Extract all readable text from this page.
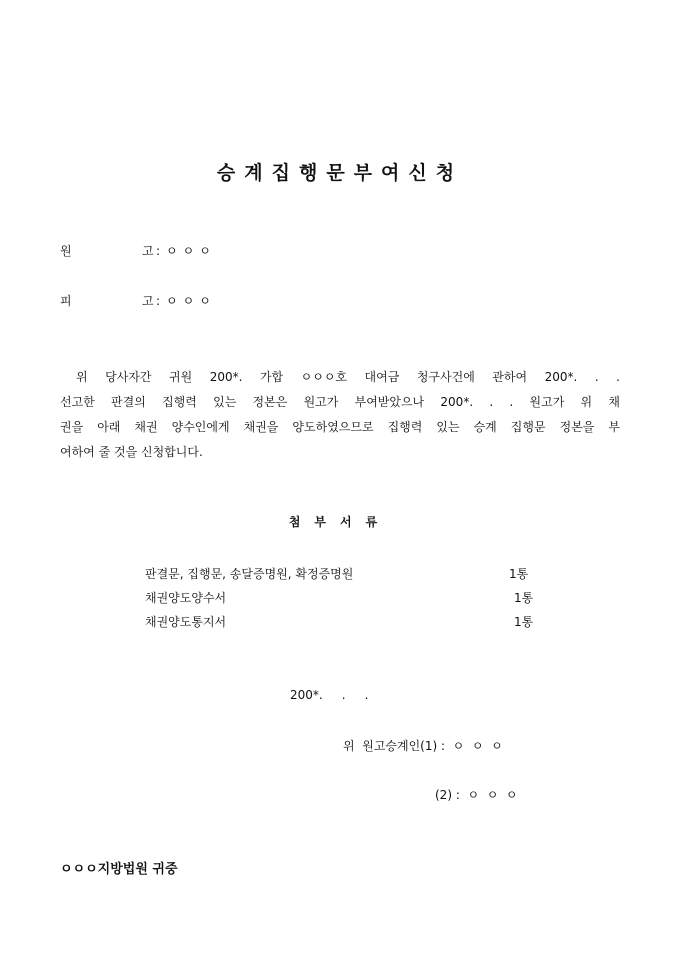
승계집행문부여신청
원	고 : ㅇㅇㅇ
피	고 : ㅇㅇㅇ
위 당사자간 귀원 200*. 가합 ㅇㅇㅇ호 대여금 청구사건에 관하여 200*. . .
선고한 판결의 집행력 있는 정본은 원고가 부여받았으나 200*. . . 원고가 위 채
권을 아래 채권 양수인에게 채권을 양도하였으므로 집행력 있는 승계 집행문 정본을 부
여하여 줄 것을 신청합니다.
첨부서류
판결문, 집행문, 송달증명원, 확정증명원	1통
채권양도양수서	1통
채권양도통지서	1통
200*.     .     .
위  원고승계인(1) :  ㅇ  ㅇ  ㅇ
(2) :  ㅇ  ㅇ  ㅇ
ㅇㅇㅇ지방법원 귀중
